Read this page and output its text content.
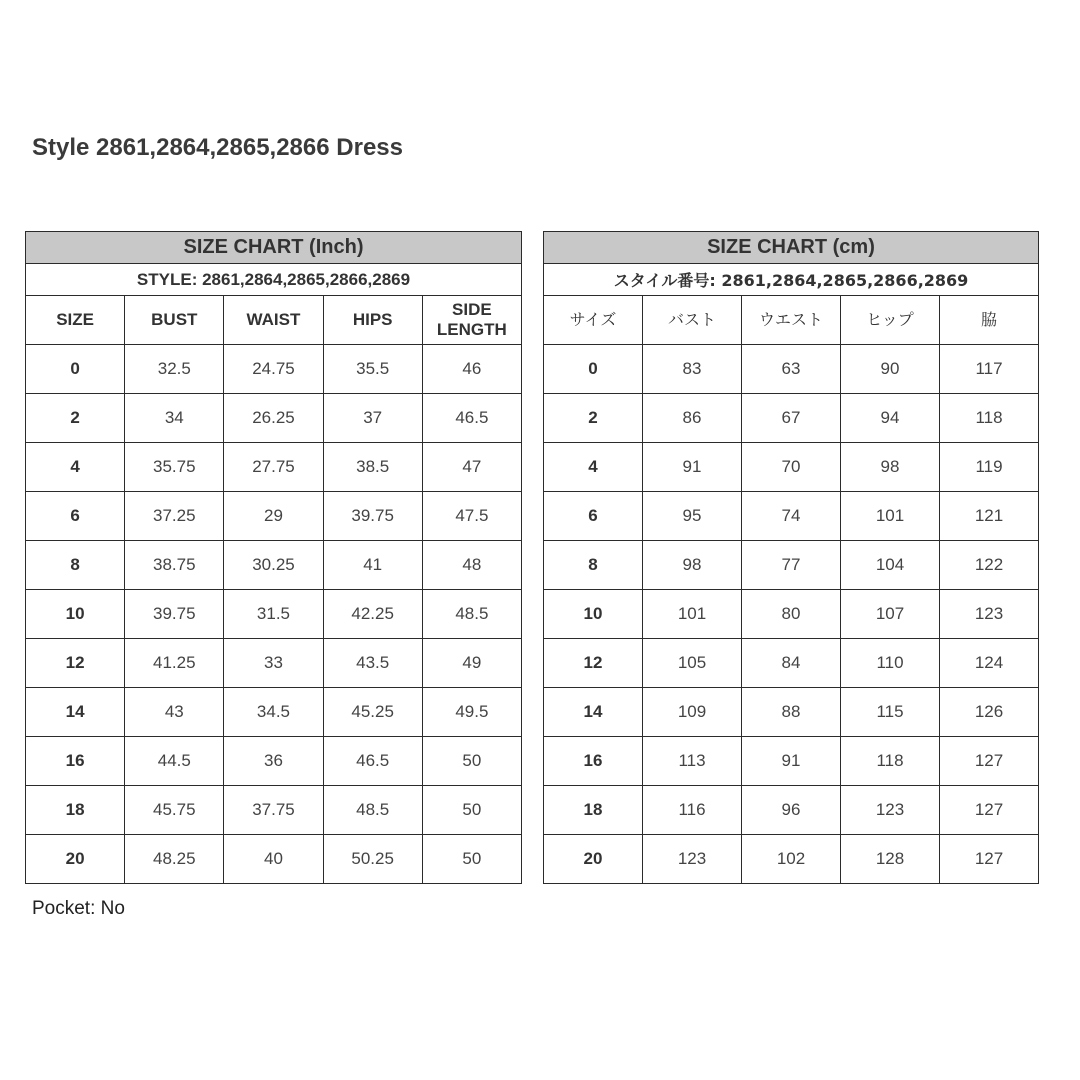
Style 2861,2864,2865,2866 Dress
SIZE CHART (Inch)				
STYLE: 2861,2864,2865,2866,2869				
SIZE	BUST	WAIST	HIPS	SIDE LENGTH
0	32.5	24.75	35.5	46
2	34	26.25	37	46.5
4	35.75	27.75	38.5	47
6	37.25	29	39.75	47.5
8	38.75	30.25	41	48
10	39.75	31.5	42.25	48.5
12	41.25	33	43.5	49
14	43	34.5	45.25	49.5
16	44.5	36	46.5	50
18	45.75	37.75	48.5	50
20	48.25	40	50.25	50
SIZE CHART (cm)				
スタイル番号: 2861,2864,2865,2866,2869				
サイズ	バスト	ウエスト	ヒップ	脇
0	83	63	90	117
2	86	67	94	118
4	91	70	98	119
6	95	74	101	121
8	98	77	104	122
10	101	80	107	123
12	105	84	110	124
14	109	88	115	126
16	113	91	118	127
18	116	96	123	127
20	123	102	128	127
Pocket: No
